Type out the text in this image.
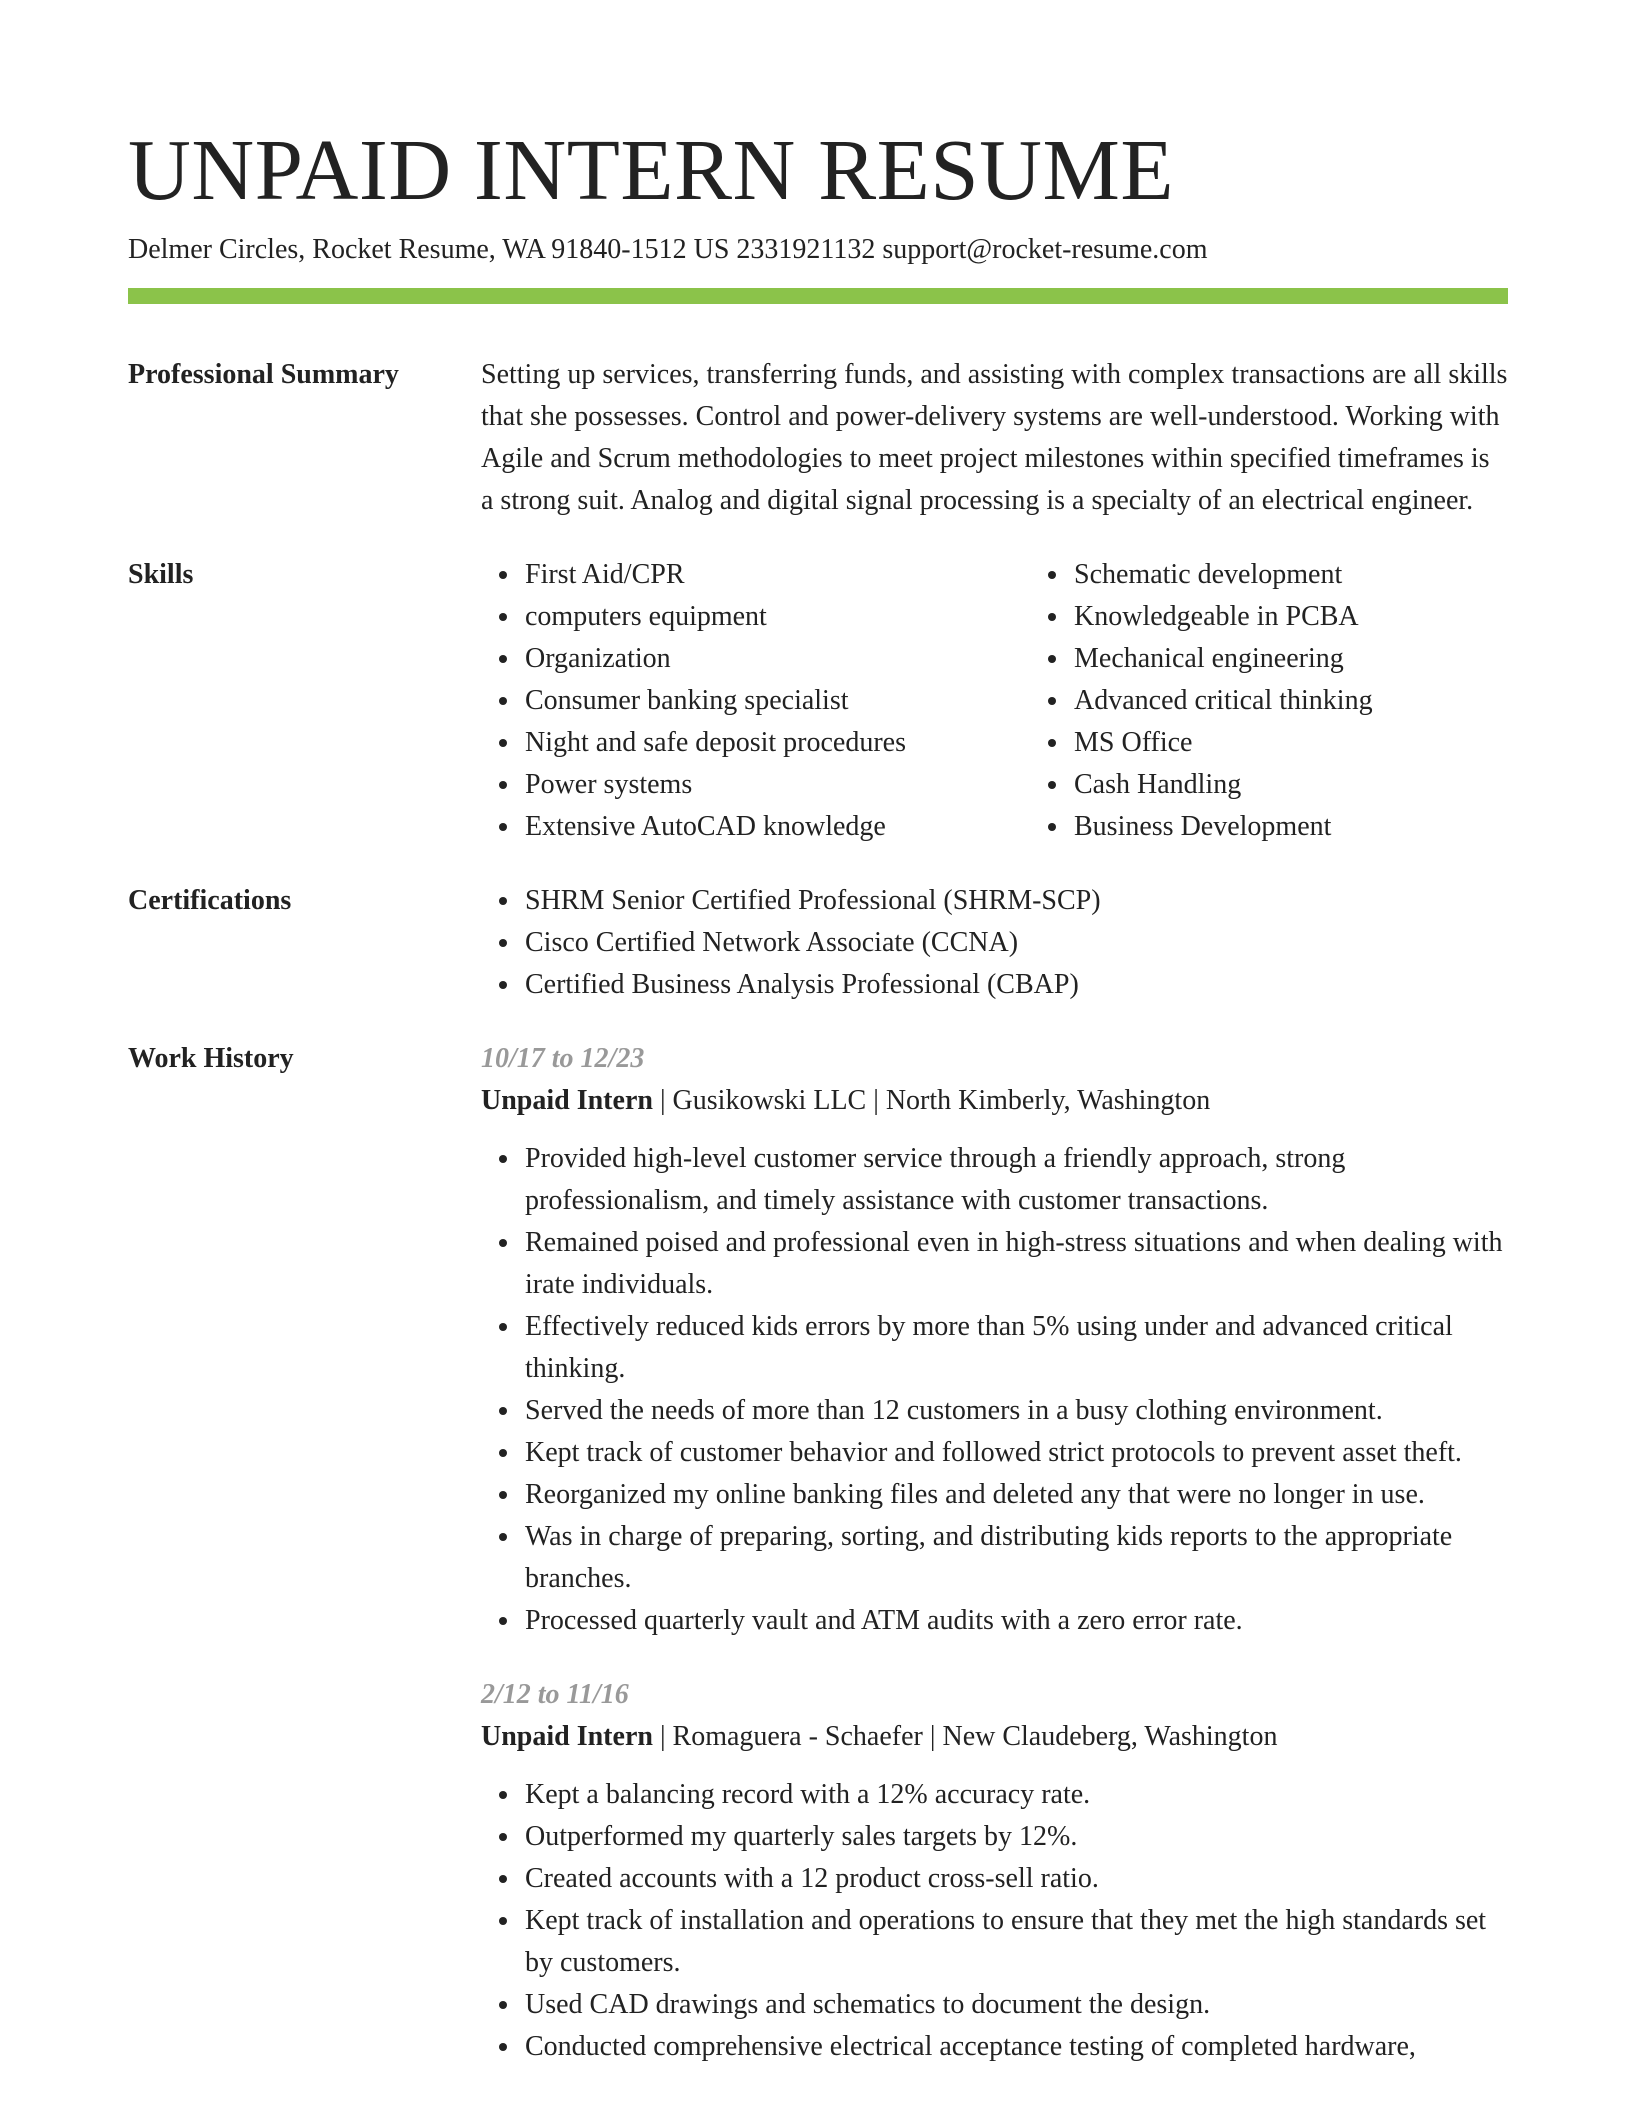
UNPAID INTERN RESUME
Delmer Circles, Rocket Resume, WA 91840-1512 US 2331921132 support@rocket-resume.com
Professional Summary	Setting up services, transferring funds, and assisting with complex transactions are all skills that she possesses. Control and power-delivery systems are well-understood. Working with Agile and Scrum methodologies to meet project milestones within specified timeframes is a strong suit. Analog and digital signal processing is a specialty of an electrical engineer.
Skills	First Aid/CPR
computers equipment
Organization
Consumer banking specialist
Night and safe deposit procedures
Power systems
Extensive AutoCAD knowledge
Schematic development
Knowledgeable in PCBA
Mechanical engineering
Advanced critical thinking
MS Office
Cash Handling
Business Development
Certifications	SHRM Senior Certified Professional (SHRM-SCP)
Cisco Certified Network Associate (CCNA)
Certified Business Analysis Professional (CBAP)
Work History	10/17 to 12/23
Unpaid Intern | Gusikowski LLC | North Kimberly, Washington
Provided high-level customer service through a friendly approach, strong professionalism, and timely assistance with customer transactions.
Remained poised and professional even in high-stress situations and when dealing with irate individuals.
Effectively reduced kids errors by more than 5% using under and advanced critical thinking.
Served the needs of more than 12 customers in a busy clothing environment.
Kept track of customer behavior and followed strict protocols to prevent asset theft.
Reorganized my online banking files and deleted any that were no longer in use.
Was in charge of preparing, sorting, and distributing kids reports to the appropriate branches.
Processed quarterly vault and ATM audits with a zero error rate.
2/12 to 11/16
Unpaid Intern | Romaguera - Schaefer | New Claudeberg, Washington
Kept a balancing record with a 12% accuracy rate.
Outperformed my quarterly sales targets by 12%.
Created accounts with a 12 product cross-sell ratio.
Kept track of installation and operations to ensure that they met the high standards set by customers.
Used CAD drawings and schematics to document the design.
Conducted comprehensive electrical acceptance testing of completed hardware,
